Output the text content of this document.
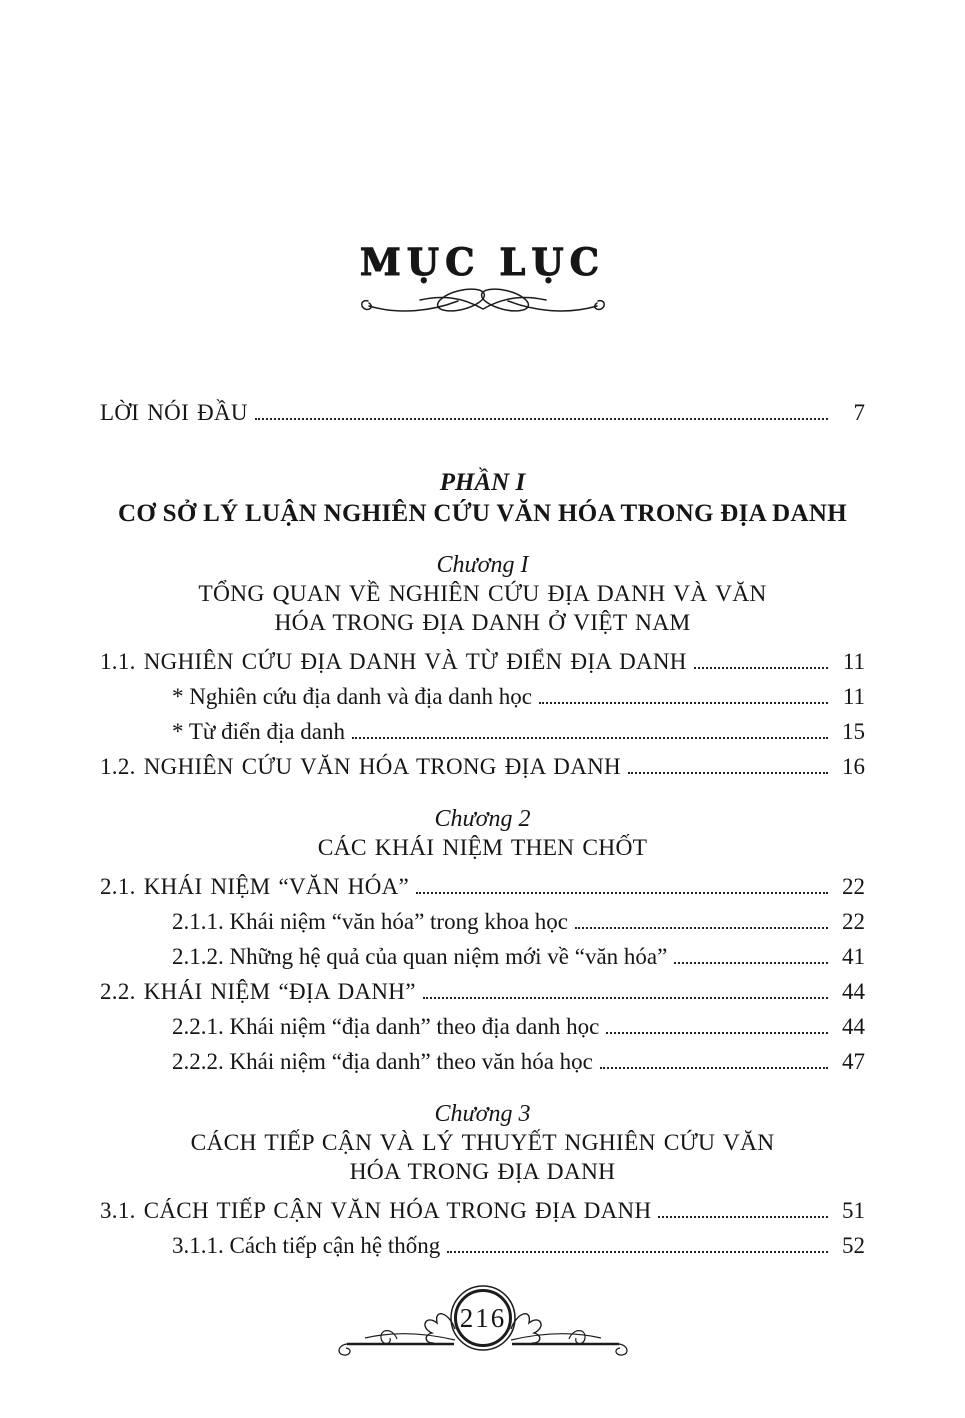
MỤC LỤC
LỜI NÓI ĐẦU	7
PHẦN I
CƠ SỞ LÝ LUẬN NGHIÊN CỨU VĂN HÓA TRONG ĐỊA DANH
Chương I
TỔNG QUAN VỀ NGHIÊN CỨU ĐỊA DANH VÀ VĂN HÓA TRONG ĐỊA DANH Ở VIỆT NAM
1.1. NGHIÊN CỨU ĐỊA DANH VÀ TỪ ĐIỂN ĐỊA DANH	11
* Nghiên cứu địa danh và địa danh học	11
* Từ điển địa danh	15
1.2. NGHIÊN CỨU VĂN HÓA TRONG ĐỊA DANH	16
Chương 2
CÁC KHÁI NIỆM THEN CHỐT
2.1. KHÁI NIỆM “VĂN HÓA”	22
2.1.1. Khái niệm “văn hóa” trong khoa học	22
2.1.2. Những hệ quả của quan niệm mới về “văn hóa”	41
2.2. KHÁI NIỆM “ĐỊA DANH”	44
2.2.1. Khái niệm “địa danh” theo địa danh học	44
2.2.2. Khái niệm “địa danh” theo văn hóa học	47
Chương 3
CÁCH TIẾP CẬN VÀ LÝ THUYẾT NGHIÊN CỨU VĂN HÓA TRONG ĐỊA DANH
3.1. CÁCH TIẾP CẬN VĂN HÓA TRONG ĐỊA DANH	51
3.1.1. Cách tiếp cận hệ thống	52
216
